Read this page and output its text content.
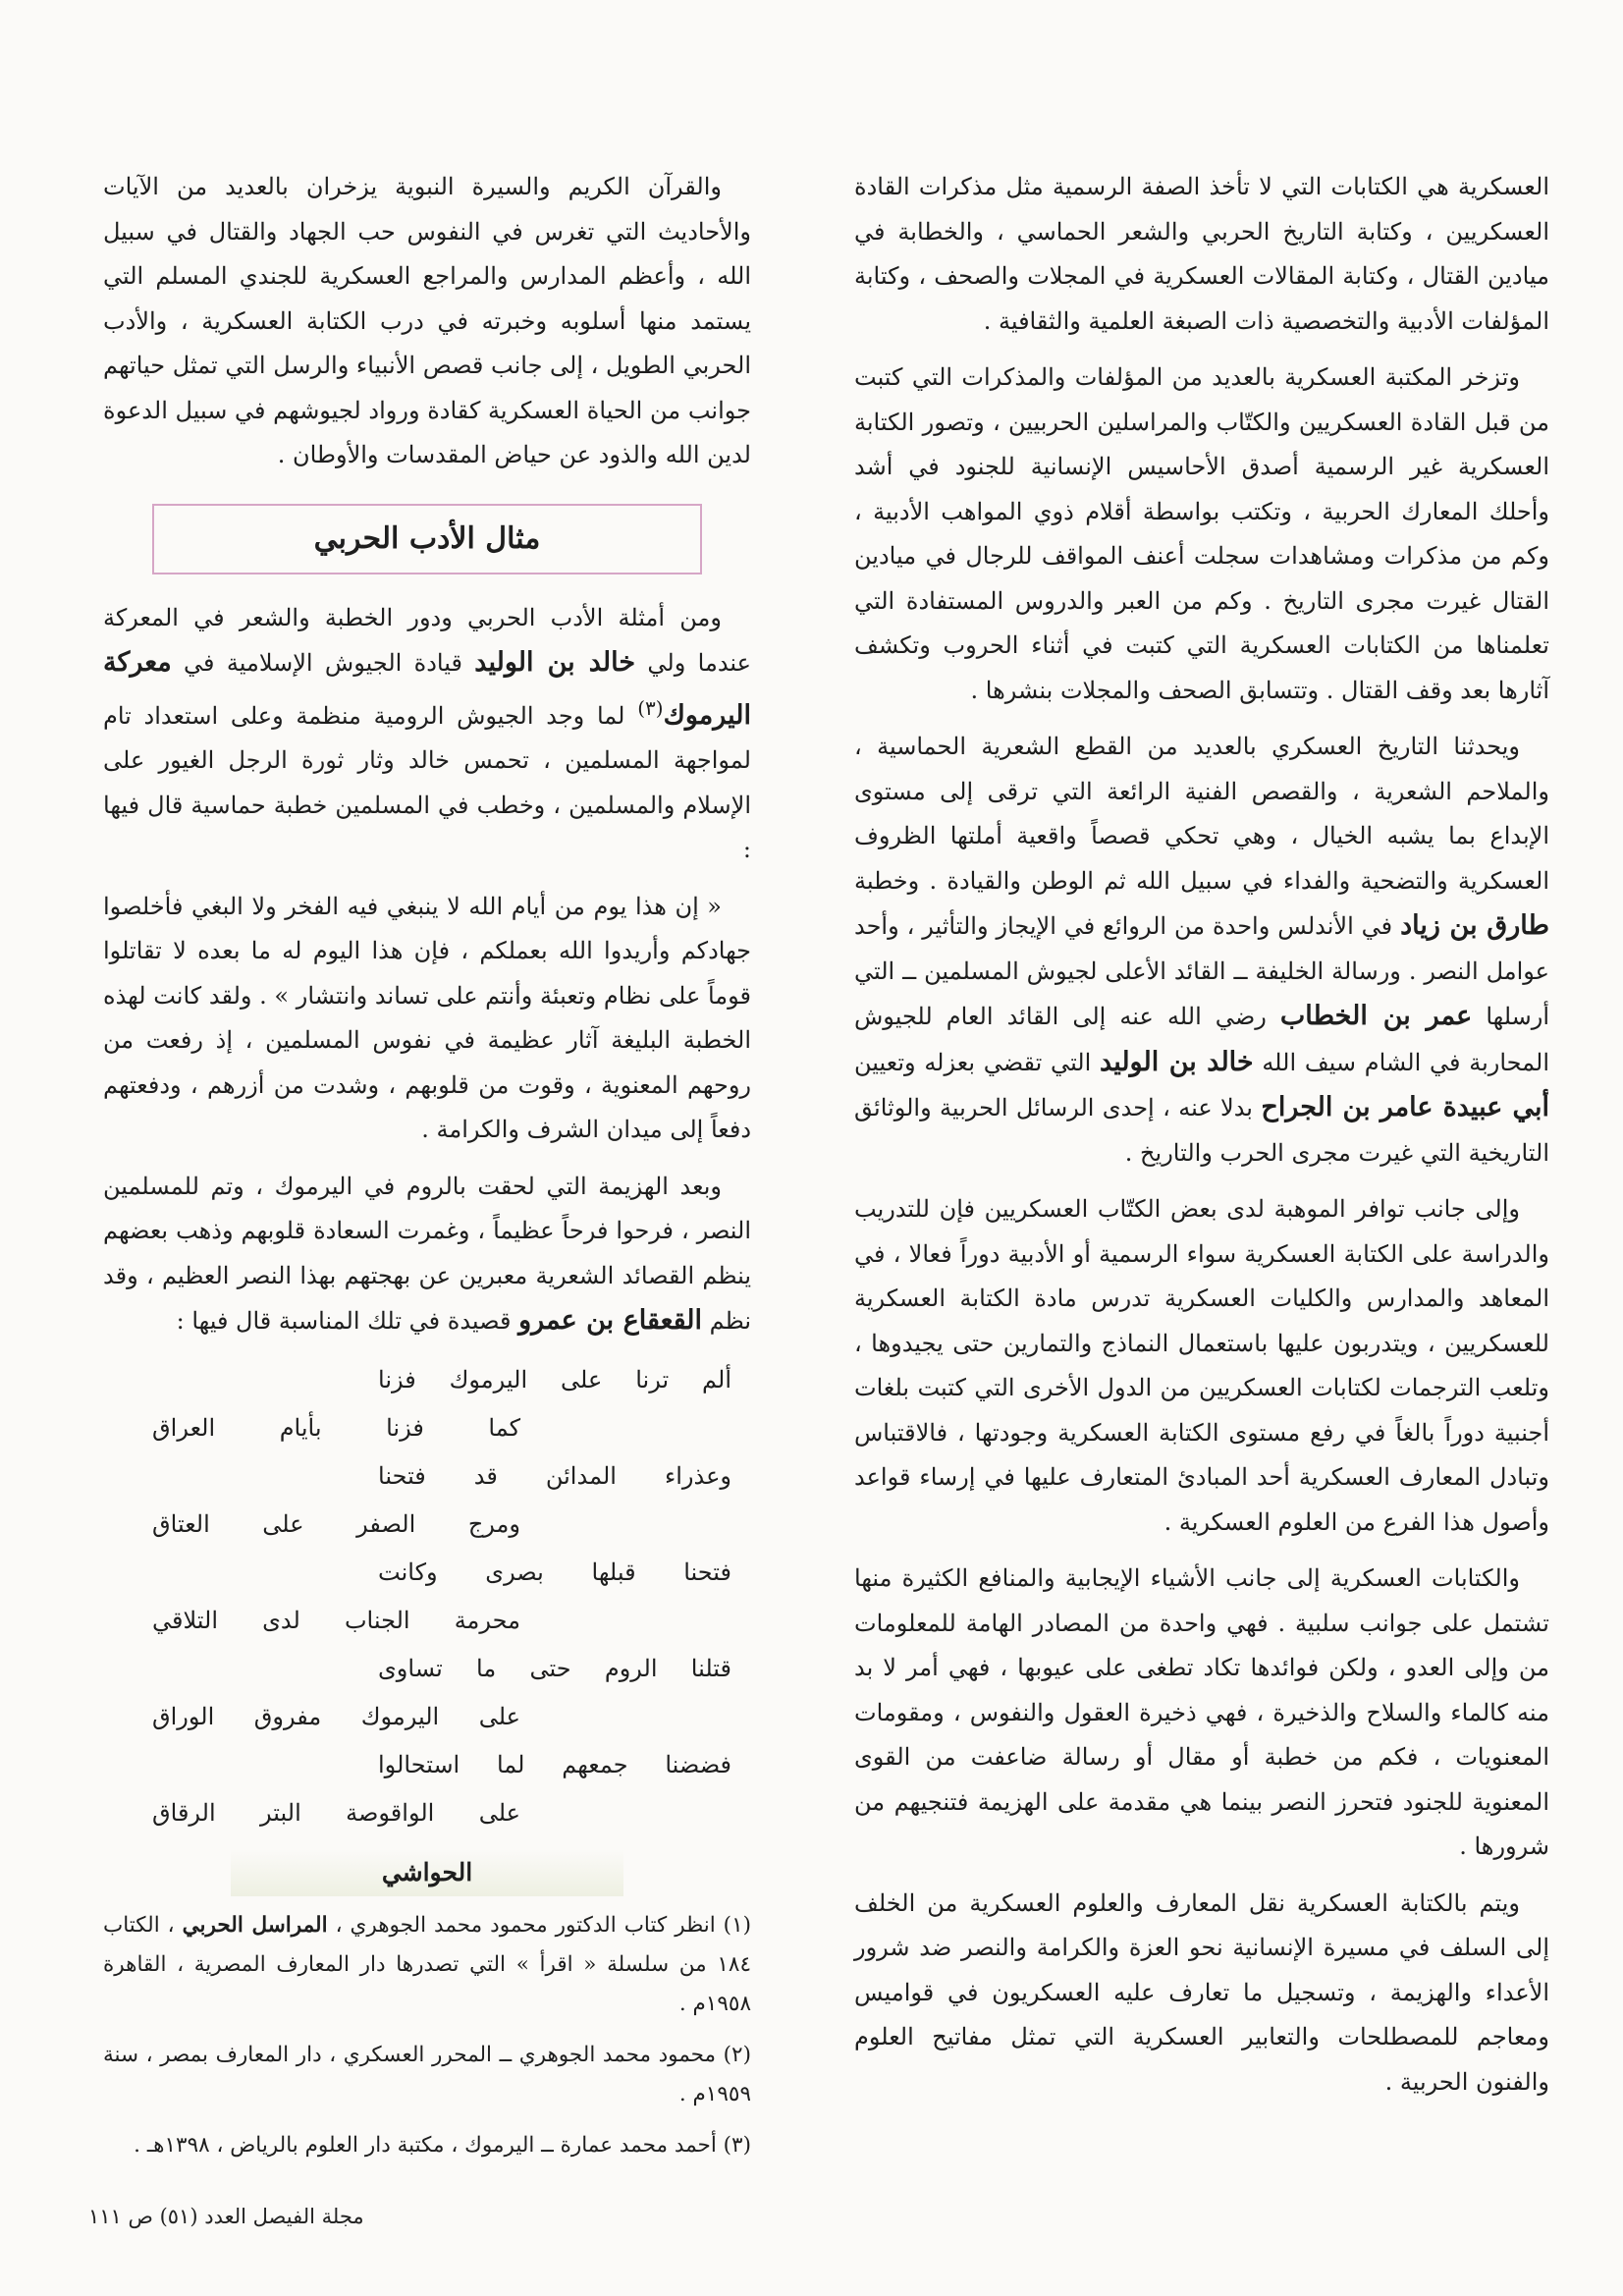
العسكرية هي الكتابات التي لا تأخذ الصفة الرسمية مثل مذكرات القادة العسكريين ، وكتابة التاريخ الحربي والشعر الحماسي ، والخطابة في ميادين القتال ، وكتابة المقالات العسكرية في المجلات والصحف ، وكتابة المؤلفات الأدبية والتخصصية ذات الصبغة العلمية والثقافية .

وتزخر المكتبة العسكرية بالعديد من المؤلفات والمذكرات التي كتبت من قبل القادة العسكريين والكتّاب والمراسلين الحربيين ، وتصور الكتابة العسكرية غير الرسمية أصدق الأحاسيس الإنسانية للجنود في أشد وأحلك المعارك الحربية ، وتكتب بواسطة أقلام ذوي المواهب الأدبية ، وكم من مذكرات ومشاهدات سجلت أعنف المواقف للرجال في ميادين القتال غيرت مجرى التاريخ . وكم من العبر والدروس المستفادة التي تعلمناها من الكتابات العسكرية التي كتبت في أثناء الحروب وتكشف آثارها بعد وقف القتال . وتتسابق الصحف والمجلات بنشرها .

ويحدثنا التاريخ العسكري بالعديد من القطع الشعرية الحماسية ، والملاحم الشعرية ، والقصص الفنية الرائعة التي ترقى إلى مستوى الإبداع بما يشبه الخيال ، وهي تحكي قصصاً واقعية أملتها الظروف العسكرية والتضحية والفداء في سبيل الله ثم الوطن والقيادة . وخطبة طارق بن زياد في الأندلس واحدة من الروائع في الإيجاز والتأثير ، وأحد عوامل النصر . ورسالة الخليفة ــ القائد الأعلى لجيوش المسلمين ــ التي أرسلها عمر بن الخطاب رضي الله عنه إلى القائد العام للجيوش المحاربة في الشام سيف الله خالد بن الوليد التي تقضي بعزله وتعيين أبي عبيدة عامر بن الجراح بدلا عنه ، إحدى الرسائل الحربية والوثائق التاريخية التي غيرت مجرى الحرب والتاريخ .

وإلى جانب توافر الموهبة لدى بعض الكتّاب العسكريين فإن للتدريب والدراسة على الكتابة العسكرية سواء الرسمية أو الأدبية دوراً فعالا ، في المعاهد والمدارس والكليات العسكرية تدرس مادة الكتابة العسكرية للعسكريين ، ويتدربون عليها باستعمال النماذج والتمارين حتى يجيدوها ، وتلعب الترجمات لكتابات العسكريين من الدول الأخرى التي كتبت بلغات أجنبية دوراً بالغاً في رفع مستوى الكتابة العسكرية وجودتها ، فالاقتباس وتبادل المعارف العسكرية أحد المبادئ المتعارف عليها في إرساء قواعد وأصول هذا الفرع من العلوم العسكرية .

والكتابات العسكرية إلى جانب الأشياء الإيجابية والمنافع الكثيرة منها تشتمل على جوانب سلبية . فهي واحدة من المصادر الهامة للمعلومات من وإلى العدو ، ولكن فوائدها تكاد تطغى على عيوبها ، فهي أمر لا بد منه كالماء والسلاح والذخيرة ، فهي ذخيرة العقول والنفوس ، ومقومات المعنويات ، فكم من خطبة أو مقال أو رسالة ضاعفت من القوى المعنوية للجنود فتحرز النصر بينما هي مقدمة على الهزيمة فتنجيهم من شرورها .

ويتم بالكتابة العسكرية نقل المعارف والعلوم العسكرية من الخلف إلى السلف في مسيرة الإنسانية نحو العزة والكرامة والنصر ضد شرور الأعداء والهزيمة ، وتسجيل ما تعارف عليه العسكريون في قواميس ومعاجم للمصطلحات والتعابير العسكرية التي تمثل مفاتيح العلوم والفنون الحربية .

والقرآن الكريم والسيرة النبوية يزخران بالعديد من الآيات والأحاديث التي تغرس في النفوس حب الجهاد والقتال في سبيل الله ، وأعظم المدارس والمراجع العسكرية للجندي المسلم التي يستمد منها أسلوبه وخبرته في درب الكتابة العسكرية ، والأدب الحربي الطويل ، إلى جانب قصص الأنبياء والرسل التي تمثل حياتهم جوانب من الحياة العسكرية كقادة ورواد لجيوشهم في سبيل الدعوة لدين الله والذود عن حياض المقدسات والأوطان .

مثال الأدب الحربي

ومن أمثلة الأدب الحربي ودور الخطبة والشعر في المعركة عندما ولي خالد بن الوليد قيادة الجيوش الإسلامية في معركة اليرموك$^{(٣)}$ لما وجد الجيوش الرومية منظمة وعلى استعداد تام لمواجهة المسلمين ، تحمس خالد وثار ثورة الرجل الغيور على الإسلام والمسلمين ، وخطب في المسلمين خطبة حماسية قال فيها :

« إن هذا يوم من أيام الله لا ينبغي فيه الفخر ولا البغي فأخلصوا جهادكم وأريدوا الله بعملكم ، فإن هذا اليوم له ما بعده لا تقاتلوا قوماً على نظام وتعبئة وأنتم على تساند وانتشار » . ولقد كانت لهذه الخطبة البليغة آثار عظيمة في نفوس المسلمين ، إذ رفعت من روحهم المعنوية ، وقوت من قلوبهم ، وشدت من أزرهم ، ودفعتهم دفعاً إلى ميدان الشرف والكرامة .

وبعد الهزيمة التي لحقت بالروم في اليرموك ، وتم للمسلمين النصر ، فرحوا فرحاً عظيماً ، وغمرت السعادة قلوبهم وذهب بعضهم ينظم القصائد الشعرية معبرين عن بهجتهم بهذا النصر العظيم ، وقد نظم القعقاع بن عمرو قصيدة في تلك المناسبة قال فيها :

ألم
ترنا
على
اليرموك
فزنا
كما
فزنا
بأيام
العراق
وعذراء
المدائن
قد
فتحنا
ومرج
الصفر
على
العتاق
فتحنا
قبلها
بصرى
وكانت
محرمة
الجناب
لدى
التلاقي
قتلنا
الروم
حتى
ما
تساوى
على
اليرموك
مفروق
الوراق
فضضنا
جمعهم
لما
استحالوا
على
الواقوصة
البتر
الرقاق
الحواشي

(١) انظر كتاب الدكتور محمود محمد الجوهري ، المراسل الحربي ، الكتاب ١٨٤ من سلسلة « اقرأ » التي تصدرها دار المعارف المصرية ، القاهرة ١٩٥٨م .

(٢) محمود محمد الجوهري ــ المحرر العسكري ، دار المعارف بمصر ، سنة ١٩٥٩م .

(٣) أحمد محمد عمارة ــ اليرموك ، مكتبة دار العلوم بالرياض ، ١٣٩٨هـ .

مجلة الفيصل العدد (٥١) ص ١١١
